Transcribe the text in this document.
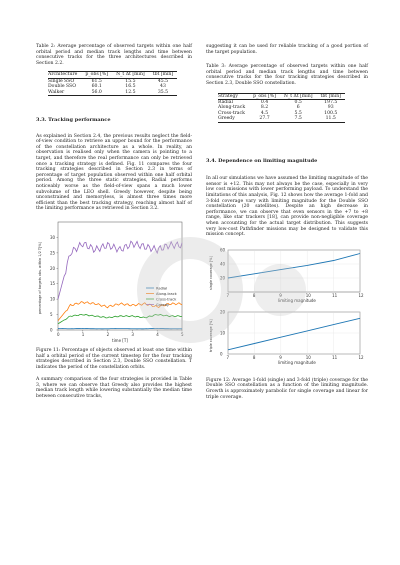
Table 2: Average percentage of observed targets within one half orbital period and median track lengths and time between consecutive tracks for the three architectures described in Section 2.2.

Architecture	p_obs [%]	N_t Δt [min]	tbt [min]
Single SSO	61.5	15.5	45.5
Double SSO	60.1	16.5	43
Walker	56.0	12.5	35.5
3.3. Tracking performance

As explained in Section 2.4, the previous results neglect the field-of-view condition to retrieve an upper bound for the performance of the constellation architecture as a whole. In reality, an observation is realised only when the camera is pointing to a target, and therefore the real performance can only be retrieved once a tracking strategy is defined. Fig. 11 compares the four tracking strategies described in Section 2.3 in terms of percentage of target population observed within one half orbital period. Among the three static strategies, Radial performs noticeably worse as the field-of-view spans a much lower subvolume of the LEO shell. Greedy however, despite being unconstrained and memoryless, is almost three times more efficient than the best tracking strategy, reaching almost half of the limiting performance as retrieved in Section 3.2.

0	1	2	3	4	5
0
5
10
15
20
25
30
time [T]
percentage of targets obs. within 1/2 T[%]	Radial
Along-track
Cross-track
Greedy

Figure 11: Percentage of objects observed at least one time within half a orbital period of the current timestep for the four tracking strategies described in Section 2.3, Double SSO constellation. T indicates the period of the constellation orbits.

A summary comparison of the four strategies is provided in Table 3, where we can observe that Greedy also provides the highest median track length while lowering substantially the median time between consecutive tracks,

suggesting it can be used for reliable tracking of a good portion of the target population.

Table 3: Average percentage of observed targets within one half orbital period and median track lengths and time between consecutive tracks for the four tracking strategies described in Section 2.3, Double SSO constellation.

Strategy	p_obs [%]	N_t Δt [min]	tbt [min]
Radial	0.4	0.5	197.5
Along-track	8.2	6	93
Cross-track	4.5	5.5	100.5
Greedy	27.7	7.5	11.5
3.4. Dependence on limiting magnitude

In all our simulations we have assumed the limiting magnitude of the sensor is +12. This may not always be the case, especially in very low cost missions with lower performing payload. To understand the limitations of this analysis, Fig. 12 shows how the average 1-fold and 3-fold coverage vary with limiting magnitude for the Double SSO constellation (20 satellites). Despite an high decrease in performance, we can observe that even sensors in the +7 to +8 range, like star trackers [18], can provide non-negligible coverage when accounting for the actual target distribution. This suggests very low-cost Pathfinder missions may be designed to validate this mission concept.

7	8	9	10	11	12
20
40
60
limiting magnitude
single coverage [%]
7	8	9	10	11	12
0
10
20
limiting magnitude
triple coverage [%]

Figure 12: Average 1-fold (single) and 3-fold (triple) coverage for the Double SSO constellation as a function of the limiting magnitude. Growth is approximately parabolic for single coverage and linear for triple coverage.
